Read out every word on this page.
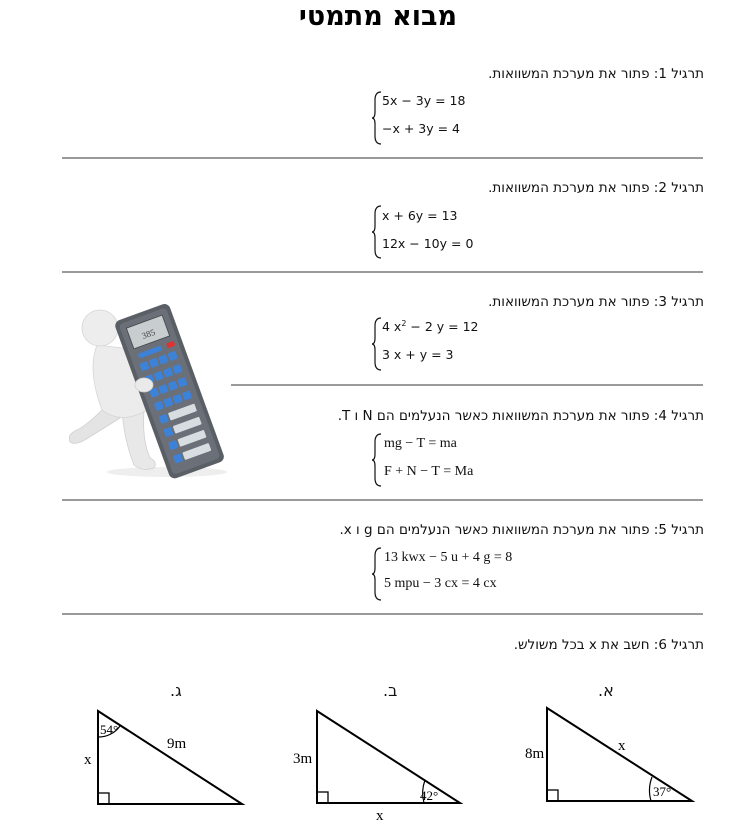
מבוא מתמטי
תרגיל 1: פתור את מערכת המשוואות.
5x − 3y = 18
−x + 3y = 4
תרגיל 2: פתור את מערכת המשוואות.
x + 6y = 13
12x − 10y = 0
385
תרגיל 3: פתור את מערכת המשוואות.
4 $x^2 - 2$ y = 12
3 x + y = 3
תרגיל 4: פתור את מערכת המשוואות כאשר הנעלמים הם N ו T.
mg − T = ma
F + N − T = Ma
תרגיל 5: פתור את מערכת המשוואות כאשר הנעלמים הם g ו x.
13 kwx − 5 u + 4 g = 8
5 mpu − 3 cx = 4 cx
תרגיל 6: חשב את x בכל משולש.
א.
ב.
ג.
8m	x
37°
3m
x
42°
x
9m
54°
